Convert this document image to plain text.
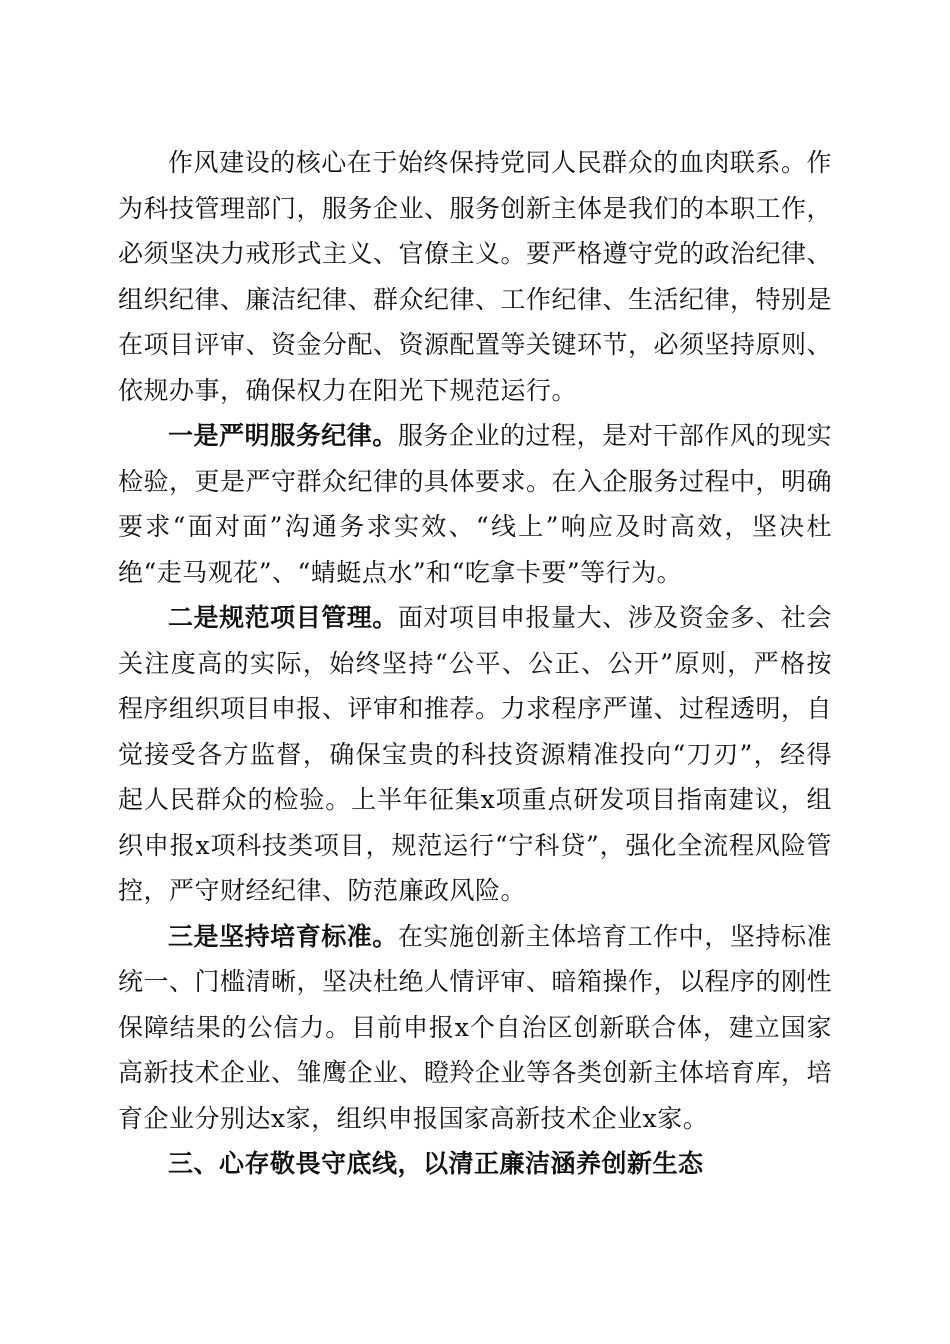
作风建设的核心在于始终保持党同人民群众的血肉联系。作为科技管理部门，服务企业、服务创新主体是我们的本职工作，必须坚决力戒形式主义、官僚主义。要严格遵守党的政治纪律、组织纪律、廉洁纪律、群众纪律、工作纪律、生活纪律，特别是在项目评审、资金分配、资源配置等关键环节，必须坚持原则、依规办事，确保权力在阳光下规范运行。

一是严明服务纪律。服务企业的过程，是对干部作风的现实检验，更是严守群众纪律的具体要求。在入企服务过程中，明确要求“面对面”沟通务求实效、“线上”响应及时高效，坚决杜绝“走马观花”、“蜻蜓点水”和“吃拿卡要”等行为。

二是规范项目管理。面对项目申报量大、涉及资金多、社会关注度高的实际，始终坚持“公平、公正、公开”原则，严格按程序组织项目申报、评审和推荐。力求程序严谨、过程透明，自觉接受各方监督，确保宝贵的科技资源精准投向“刀刃”，经得起人民群众的检验。上半年征集x项重点研发项目指南建议，组织申报x项科技类项目，规范运行“宁科贷”，强化全流程风险管控，严守财经纪律、防范廉政风险。

三是坚持培育标准。在实施创新主体培育工作中，坚持标准统一、门槛清晰，坚决杜绝人情评审、暗箱操作，以程序的刚性保障结果的公信力。目前申报x个自治区创新联合体，建立国家高新技术企业、雏鹰企业、瞪羚企业等各类创新主体培育库，培育企业分别达x家，组织申报国家高新技术企业x家。

三、心存敬畏守底线，以清正廉洁涵养创新生态
